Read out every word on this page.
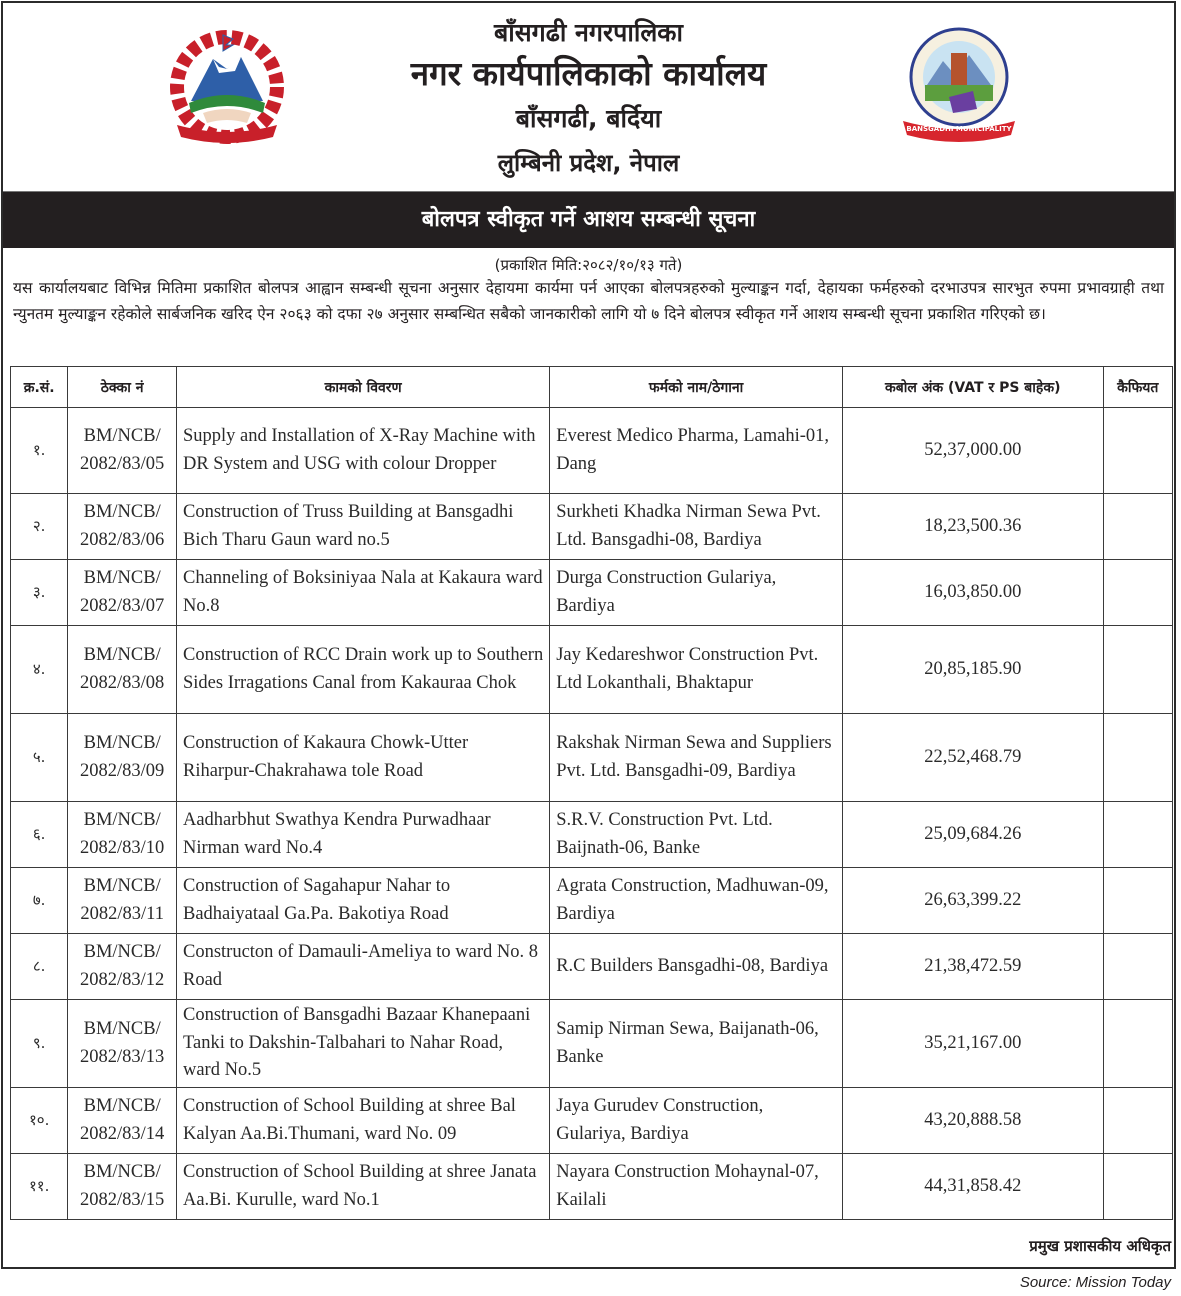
बाँसगढी नगरपालिका
नगर कार्यपालिकाको कार्यालय
बाँसगढी, बर्दिया
लुम्बिनी प्रदेश, नेपाल
BANSGADHI MUNICIPALITY
बोलपत्र स्वीकृत गर्ने आशय सम्बन्धी सूचना
(प्रकाशित मिति:२०८२/१०/१३ गते)
यस कार्यालयबाट विभिन्न मितिमा प्रकाशित बोलपत्र आह्वान सम्बन्धी सूचना अनुसार देहायमा कार्यमा पर्न आएका बोलपत्रहरुको मुल्याङ्कन गर्दा, देहायका फर्महरुको दरभाउपत्र सारभुत रुपमा प्रभावग्राही तथा न्युनतम मुल्याङ्कन रहेकोले सार्बजनिक खरिद ऐन २०६३ को दफा २७ अनुसार सम्बन्धित सबैको जानकारीको लागि यो ७ दिने बोलपत्र स्वीकृत गर्ने आशय सम्बन्धी सूचना प्रकाशित गरिएको छ।
क्र.सं.	ठेक्का नं	कामको विवरण	फर्मको नाम/ठेगाना	कबोल अंक (VAT र PS बाहेक)	कैफियत
१.	BM/NCB/ 2082/83/05	Supply and Installation of X-Ray Machine with DR System and USG with colour Dropper	Everest Medico Pharma, Lamahi-01, Dang	52,37,000.00	
२.	BM/NCB/ 2082/83/06	Construction of Truss Building at Bansgadhi Bich Tharu Gaun ward no.5	Surkheti Khadka Nirman Sewa Pvt. Ltd. Bansgadhi-08, Bardiya	18,23,500.36	
३.	BM/NCB/ 2082/83/07	Channeling of Boksiniyaa Nala at Kakaura ward No.8	Durga Construction Gulariya, Bardiya	16,03,850.00	
४.	BM/NCB/ 2082/83/08	Construction of RCC Drain work up to Southern Sides Irragations Canal from Kakauraa Chok	Jay Kedareshwor Construction Pvt. Ltd Lokanthali, Bhaktapur	20,85,185.90	
५.	BM/NCB/ 2082/83/09	Construction of Kakaura Chowk-Utter Riharpur-Chakrahawa tole Road	Rakshak Nirman Sewa and Suppliers Pvt. Ltd. Bansgadhi-09, Bardiya	22,52,468.79	
६.	BM/NCB/ 2082/83/10	Aadharbhut Swathya Kendra Purwadhaar Nirman ward No.4	S.R.V. Construction Pvt. Ltd. Baijnath-06, Banke	25,09,684.26	
७.	BM/NCB/ 2082/83/11	Construction of Sagahapur Nahar to Badhaiyataal Ga.Pa. Bakotiya Road	Agrata Construction, Madhuwan-09, Bardiya	26,63,399.22	
८.	BM/NCB/ 2082/83/12	Constructon of Damauli-Ameliya to ward No. 8 Road	R.C Builders Bansgadhi-08, Bardiya	21,38,472.59	
९.	BM/NCB/ 2082/83/13	Construction of Bansgadhi Bazaar Khanepaani Tanki to Dakshin-Talbahari to Nahar Road, ward No.5	Samip Nirman Sewa, Baijanath-06, Banke	35,21,167.00	
१०.	BM/NCB/ 2082/83/14	Construction of School Building at shree Bal Kalyan Aa.Bi.Thumani, ward No. 09	Jaya Gurudev Construction, Gulariya, Bardiya	43,20,888.58	
११.	BM/NCB/ 2082/83/15	Construction of School Building at shree Janata Aa.Bi. Kurulle, ward No.1	Nayara Construction Mohaynal-07, Kailali	44,31,858.42	
प्रमुख प्रशासकीय अधिकृत
Source: Mission Today
